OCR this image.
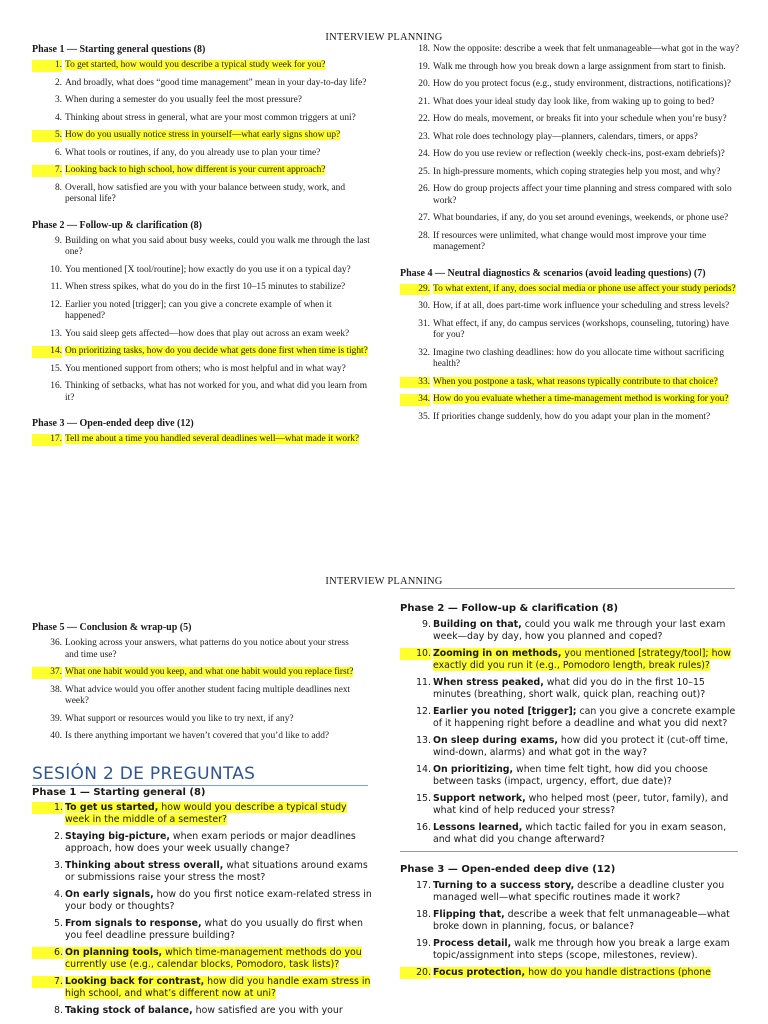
INTERVIEW PLANNING
Phase 1 — Starting general questions (8)
1. To get started, how would you describe a typical study week for you?
2. And broadly, what does “good time management” mean in your day-to-day life?
3. When during a semester do you usually feel the most pressure?
4. Thinking about stress in general, what are your most common triggers at uni?
5. How do you usually notice stress in yourself—what early signs show up?
6. What tools or routines, if any, do you already use to plan your time?
7. Looking back to high school, how different is your current approach?
8. Overall, how satisfied are you with your balance between study, work, and personal life?
Phase 2 — Follow-up & clarification (8)
9. Building on what you said about busy weeks, could you walk me through the last one?
10. You mentioned [X tool/routine]; how exactly do you use it on a typical day?
11. When stress spikes, what do you do in the first 10–15 minutes to stabilize?
12. Earlier you noted [trigger]; can you give a concrete example of when it happened?
13. You said sleep gets affected—how does that play out across an exam week?
14. On prioritizing tasks, how do you decide what gets done first when time is tight?
15. You mentioned support from others; who is most helpful and in what way?
16. Thinking of setbacks, what has not worked for you, and what did you learn from it?
Phase 3 — Open-ended deep dive (12)
17. Tell me about a time you handled several deadlines well—what made it work?
18. Now the opposite: describe a week that felt unmanageable—what got in the way?
19. Walk me through how you break down a large assignment from start to finish.
20. How do you protect focus (e.g., study environment, distractions, notifications)?
21. What does your ideal study day look like, from waking up to going to bed?
22. How do meals, movement, or breaks fit into your schedule when you’re busy?
23. What role does technology play—planners, calendars, timers, or apps?
24. How do you use review or reflection (weekly check-ins, post-exam debriefs)?
25. In high-pressure moments, which coping strategies help you most, and why?
26. How do group projects affect your time planning and stress compared with solo work?
27. What boundaries, if any, do you set around evenings, weekends, or phone use?
28. If resources were unlimited, what change would most improve your time management?
Phase 4 — Neutral diagnostics & scenarios (avoid leading questions) (7)
29. To what extent, if any, does social media or phone use affect your study periods?
30. How, if at all, does part-time work influence your scheduling and stress levels?
31. What effect, if any, do campus services (workshops, counseling, tutoring) have for you?
32. Imagine two clashing deadlines: how do you allocate time without sacrificing health?
33. When you postpone a task, what reasons typically contribute to that choice?
34. How do you evaluate whether a time-management method is working for you?
35. If priorities change suddenly, how do you adapt your plan in the moment?
INTERVIEW PLANNING
Phase 5 — Conclusion & wrap-up (5)
36. Looking across your answers, what patterns do you notice about your stress and time use?
37. What one habit would you keep, and what one habit would you replace first?
38. What advice would you offer another student facing multiple deadlines next week?
39. What support or resources would you like to try next, if any?
40. Is there anything important we haven’t covered that you’d like to add?
SESIÓN 2 DE PREGUNTAS
Phase 1 — Starting general (8)
1. To get us started, how would you describe a typical study week in the middle of a semester?
2. Staying big-picture, when exam periods or major deadlines approach, how does your week usually change?
3. Thinking about stress overall, what situations around exams or submissions raise your stress the most?
4. On early signals, how do you first notice exam-related stress in your body or thoughts?
5. From signals to response, what do you usually do first when you feel deadline pressure building?
6. On planning tools, which time-management methods do you currently use (e.g., calendar blocks, Pomodoro, task lists)?
7. Looking back for contrast, how did you handle exam stress in high school, and what’s different now at uni?
8. Taking stock of balance, how satisfied are you with your
Phase 2 — Follow-up & clarification (8)
9. Building on that, could you walk me through your last exam week—day by day, how you planned and coped?
10. Zooming in on methods, you mentioned [strategy/tool]; how exactly did you run it (e.g., Pomodoro length, break rules)?
11. When stress peaked, what did you do in the first 10–15 minutes (breathing, short walk, quick plan, reaching out)?
12. Earlier you noted [trigger]; can you give a concrete example of it happening right before a deadline and what you did next?
13. On sleep during exams, how did you protect it (cut-off time, wind-down, alarms) and what got in the way?
14. On prioritizing, when time felt tight, how did you choose between tasks (impact, urgency, effort, due date)?
15. Support network, who helped most (peer, tutor, family), and what kind of help reduced your stress?
16. Lessons learned, which tactic failed for you in exam season, and what did you change afterward?
Phase 3 — Open-ended deep dive (12)
17. Turning to a success story, describe a deadline cluster you managed well—what specific routines made it work?
18. Flipping that, describe a week that felt unmanageable—what broke down in planning, focus, or balance?
19. Process detail, walk me through how you break a large exam topic/assignment into steps (scope, milestones, review).
20. Focus protection, how do you handle distractions (phone
